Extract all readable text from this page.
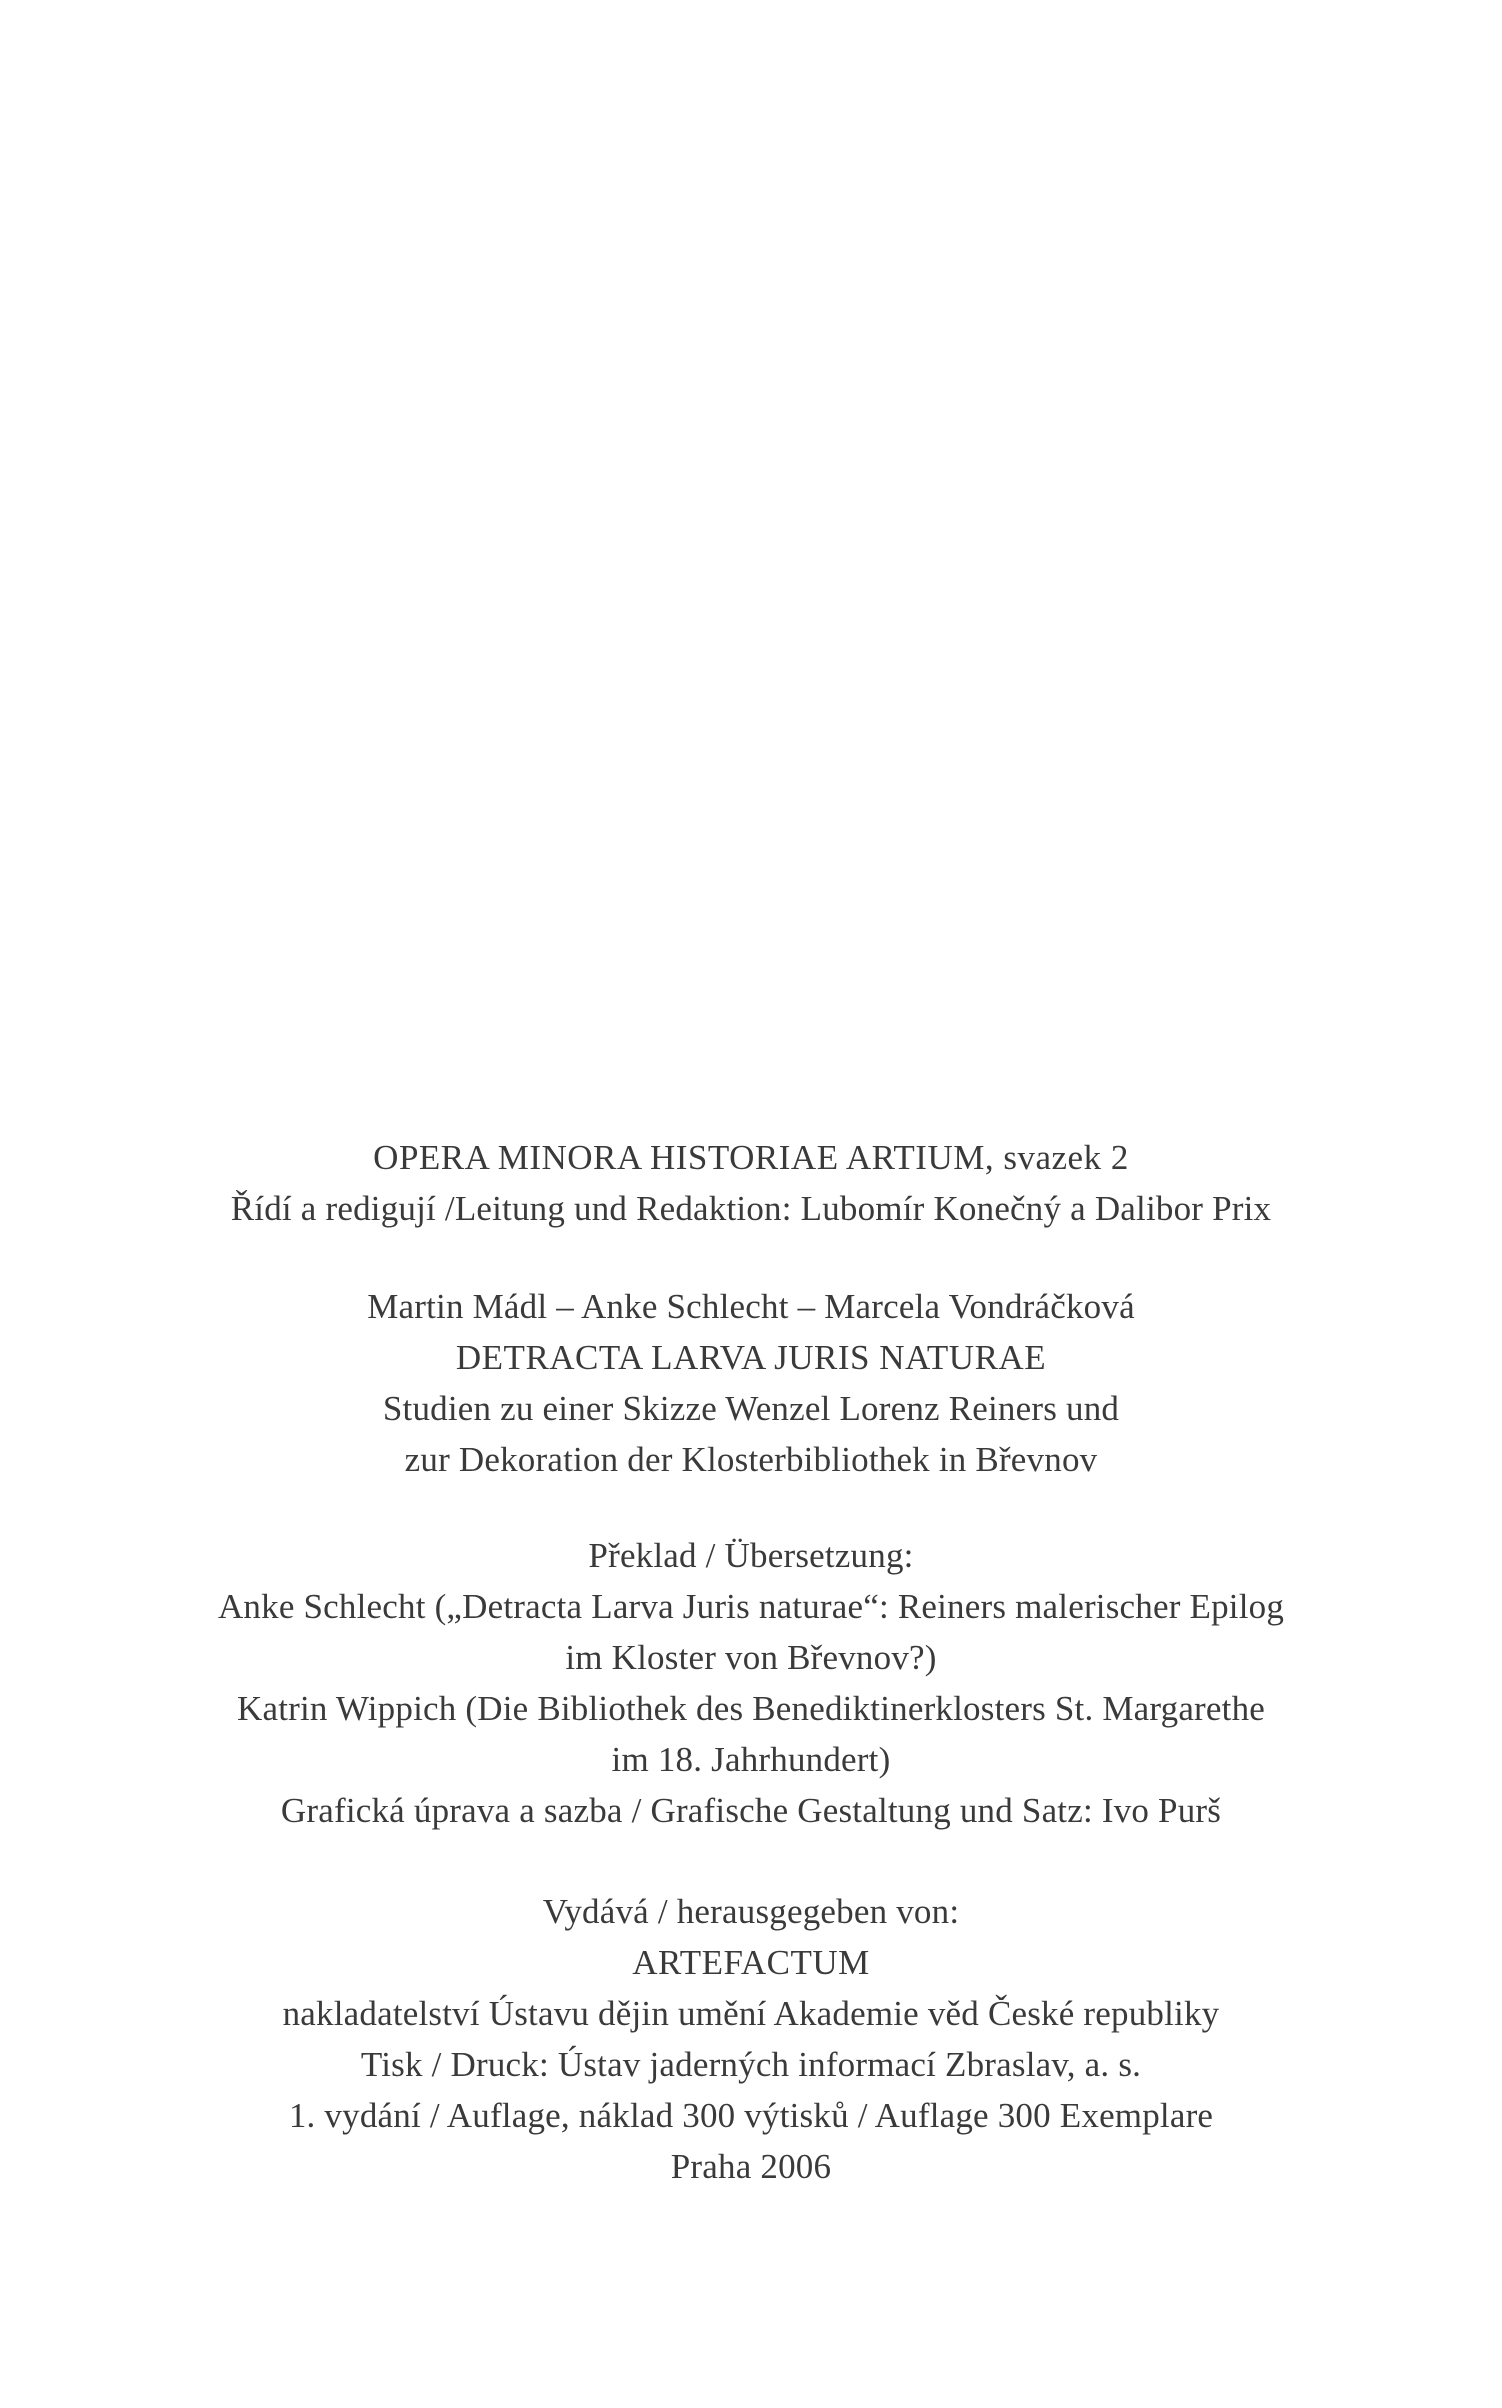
OPERA MINORA HISTORIAE ARTIUM, svazek 2
Řídí a redigují /Leitung und Redaktion: Lubomír Konečný a Dalibor Prix
Martin Mádl – Anke Schlecht – Marcela Vondráčková
DETRACTA LARVA JURIS NATURAE
Studien zu einer Skizze Wenzel Lorenz Reiners und
zur Dekoration der Klosterbibliothek in Břevnov
Překlad / Übersetzung:
Anke Schlecht („Detracta Larva Juris naturae“: Reiners malerischer Epilog
im Kloster von Břevnov?)
Katrin Wippich (Die Bibliothek des Benediktinerklosters St. Margarethe
im 18. Jahrhundert)
Grafická úprava a sazba / Grafische Gestaltung und Satz: Ivo Purš
Vydává / herausgegeben von:
ARTEFACTUM
nakladatelství Ústavu dějin umění Akademie věd České republiky
Tisk / Druck: Ústav jaderných informací Zbraslav, a. s.
1. vydání / Auflage, náklad 300 výtisků / Auflage 300 Exemplare
Praha 2006
